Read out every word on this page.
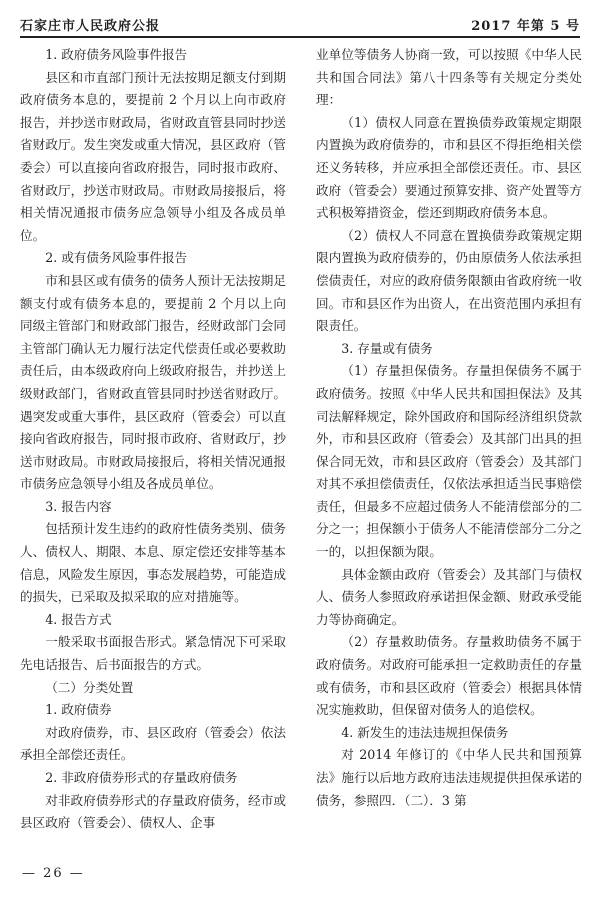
石家庄市人民政府公报	2017 年第 5 号

1. 政府债务风险事件报告

县区和市直部门预计无法按期足额支付到期政府债务本息的，要提前 2 个月以上向市政府报告，并抄送市财政局，省财政直管县同时抄送省财政厅。发生突发或重大情况，县区政府（管委会）可以直接向省政府报告，同时报市政府、省财政厅，抄送市财政局。市财政局接报后，将相关情况通报市债务应急领导小组及各成员单位。

2. 或有债务风险事件报告

市和县区或有债务的债务人预计无法按期足额支付或有债务本息的，要提前 2 个月以上向同级主管部门和财政部门报告，经财政部门会同主管部门确认无力履行法定代偿责任或必要救助责任后，由本级政府向上级政府报告，并抄送上级财政部门，省财政直管县同时抄送省财政厅。遇突发或重大事件，县区政府（管委会）可以直接向省政府报告，同时报市政府、省财政厅，抄送市财政局。市财政局接报后，将相关情况通报市债务应急领导小组及各成员单位。

3. 报告内容

包括预计发生违约的政府性债务类别、债务人、债权人、期限、本息、原定偿还安排等基本信息，风险发生原因，事态发展趋势，可能造成的损失，已采取及拟采取的应对措施等。

4. 报告方式

一般采取书面报告形式。紧急情况下可采取先电话报告、后书面报告的方式。

（二）分类处置

1. 政府债券

对政府债券，市、县区政府（管委会）依法承担全部偿还责任。

2. 非政府债券形式的存量政府债务

对非政府债券形式的存量政府债务，经市或县区政府（管委会）、债权人、企事

业单位等债务人协商一致，可以按照《中华人民共和国合同法》第八十四条等有关规定分类处理：

（1）债权人同意在置换债券政策规定期限内置换为政府债券的，市和县区不得拒绝相关偿还义务转移，并应承担全部偿还责任。市、县区政府（管委会）要通过预算安排、资产处置等方式积极筹措资金，偿还到期政府债务本息。

（2）债权人不同意在置换债券政策规定期限内置换为政府债券的，仍由原债务人依法承担偿债责任，对应的政府债务限额由省政府统一收回。市和县区作为出资人，在出资范围内承担有限责任。

3. 存量或有债务

（1）存量担保债务。存量担保债务不属于政府债务。按照《中华人民共和国担保法》及其司法解释规定，除外国政府和国际经济组织贷款外，市和县区政府（管委会）及其部门出具的担保合同无效，市和县区政府（管委会）及其部门对其不承担偿债责任，仅依法承担适当民事赔偿责任，但最多不应超过债务人不能清偿部分的二分之一；担保额小于债务人不能清偿部分二分之一的，以担保额为限。

具体金额由政府（管委会）及其部门与债权人、债务人参照政府承诺担保金额、财政承受能力等协商确定。

（2）存量救助债务。存量救助债务不属于政府债务。对政府可能承担一定救助责任的存量或有债务，市和县区政府（管委会）根据具体情况实施救助，但保留对债务人的追偿权。

4. 新发生的违法违规担保债务

对 2014 年修订的《中华人民共和国预算法》施行以后地方政府违法违规提供担保承诺的债务，参照四．（二）．3 第

— 26 —
